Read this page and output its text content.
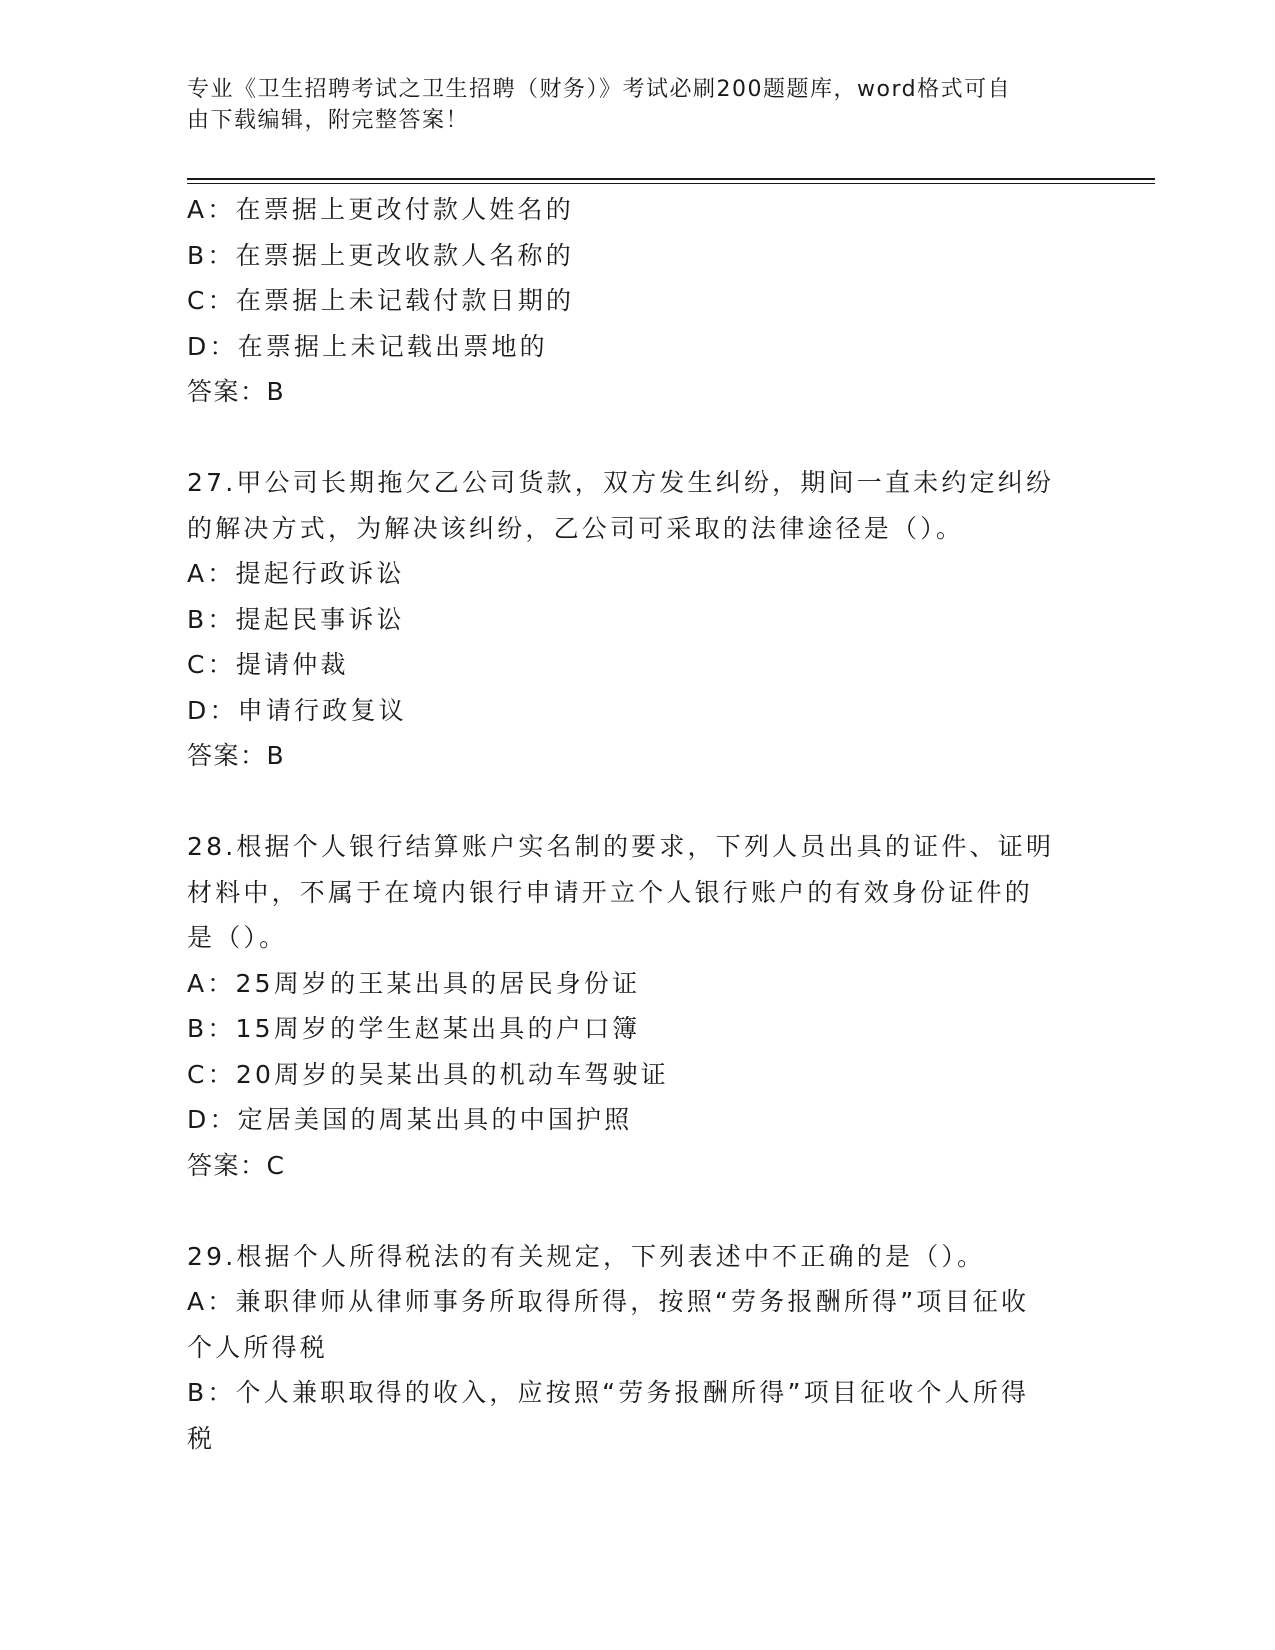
专业《卫生招聘考试之卫生招聘（财务）》考试必刷200题题库，word格式可自
由下载编辑，附完整答案！
A：在票据上更改付款人姓名的
B：在票据上更改收款人名称的
C：在票据上未记载付款日期的
D：在票据上未记载出票地的
答案：B
27.甲公司长期拖欠乙公司货款，双方发生纠纷，期间一直未约定纠纷
的解决方式，为解决该纠纷，乙公司可采取的法律途径是（）。
A：提起行政诉讼
B：提起民事诉讼
C：提请仲裁
D：申请行政复议
答案：B
28.根据个人银行结算账户实名制的要求，下列人员出具的证件、证明
材料中，不属于在境内银行申请开立个人银行账户的有效身份证件的
是（）。
A：25周岁的王某出具的居民身份证
B：15周岁的学生赵某出具的户口簿
C：20周岁的吴某出具的机动车驾驶证
D：定居美国的周某出具的中国护照
答案：C
29.根据个人所得税法的有关规定，下列表述中不正确的是（）。
A：兼职律师从律师事务所取得所得，按照“劳务报酬所得”项目征收
个人所得税
B：个人兼职取得的收入，应按照“劳务报酬所得”项目征收个人所得
税
